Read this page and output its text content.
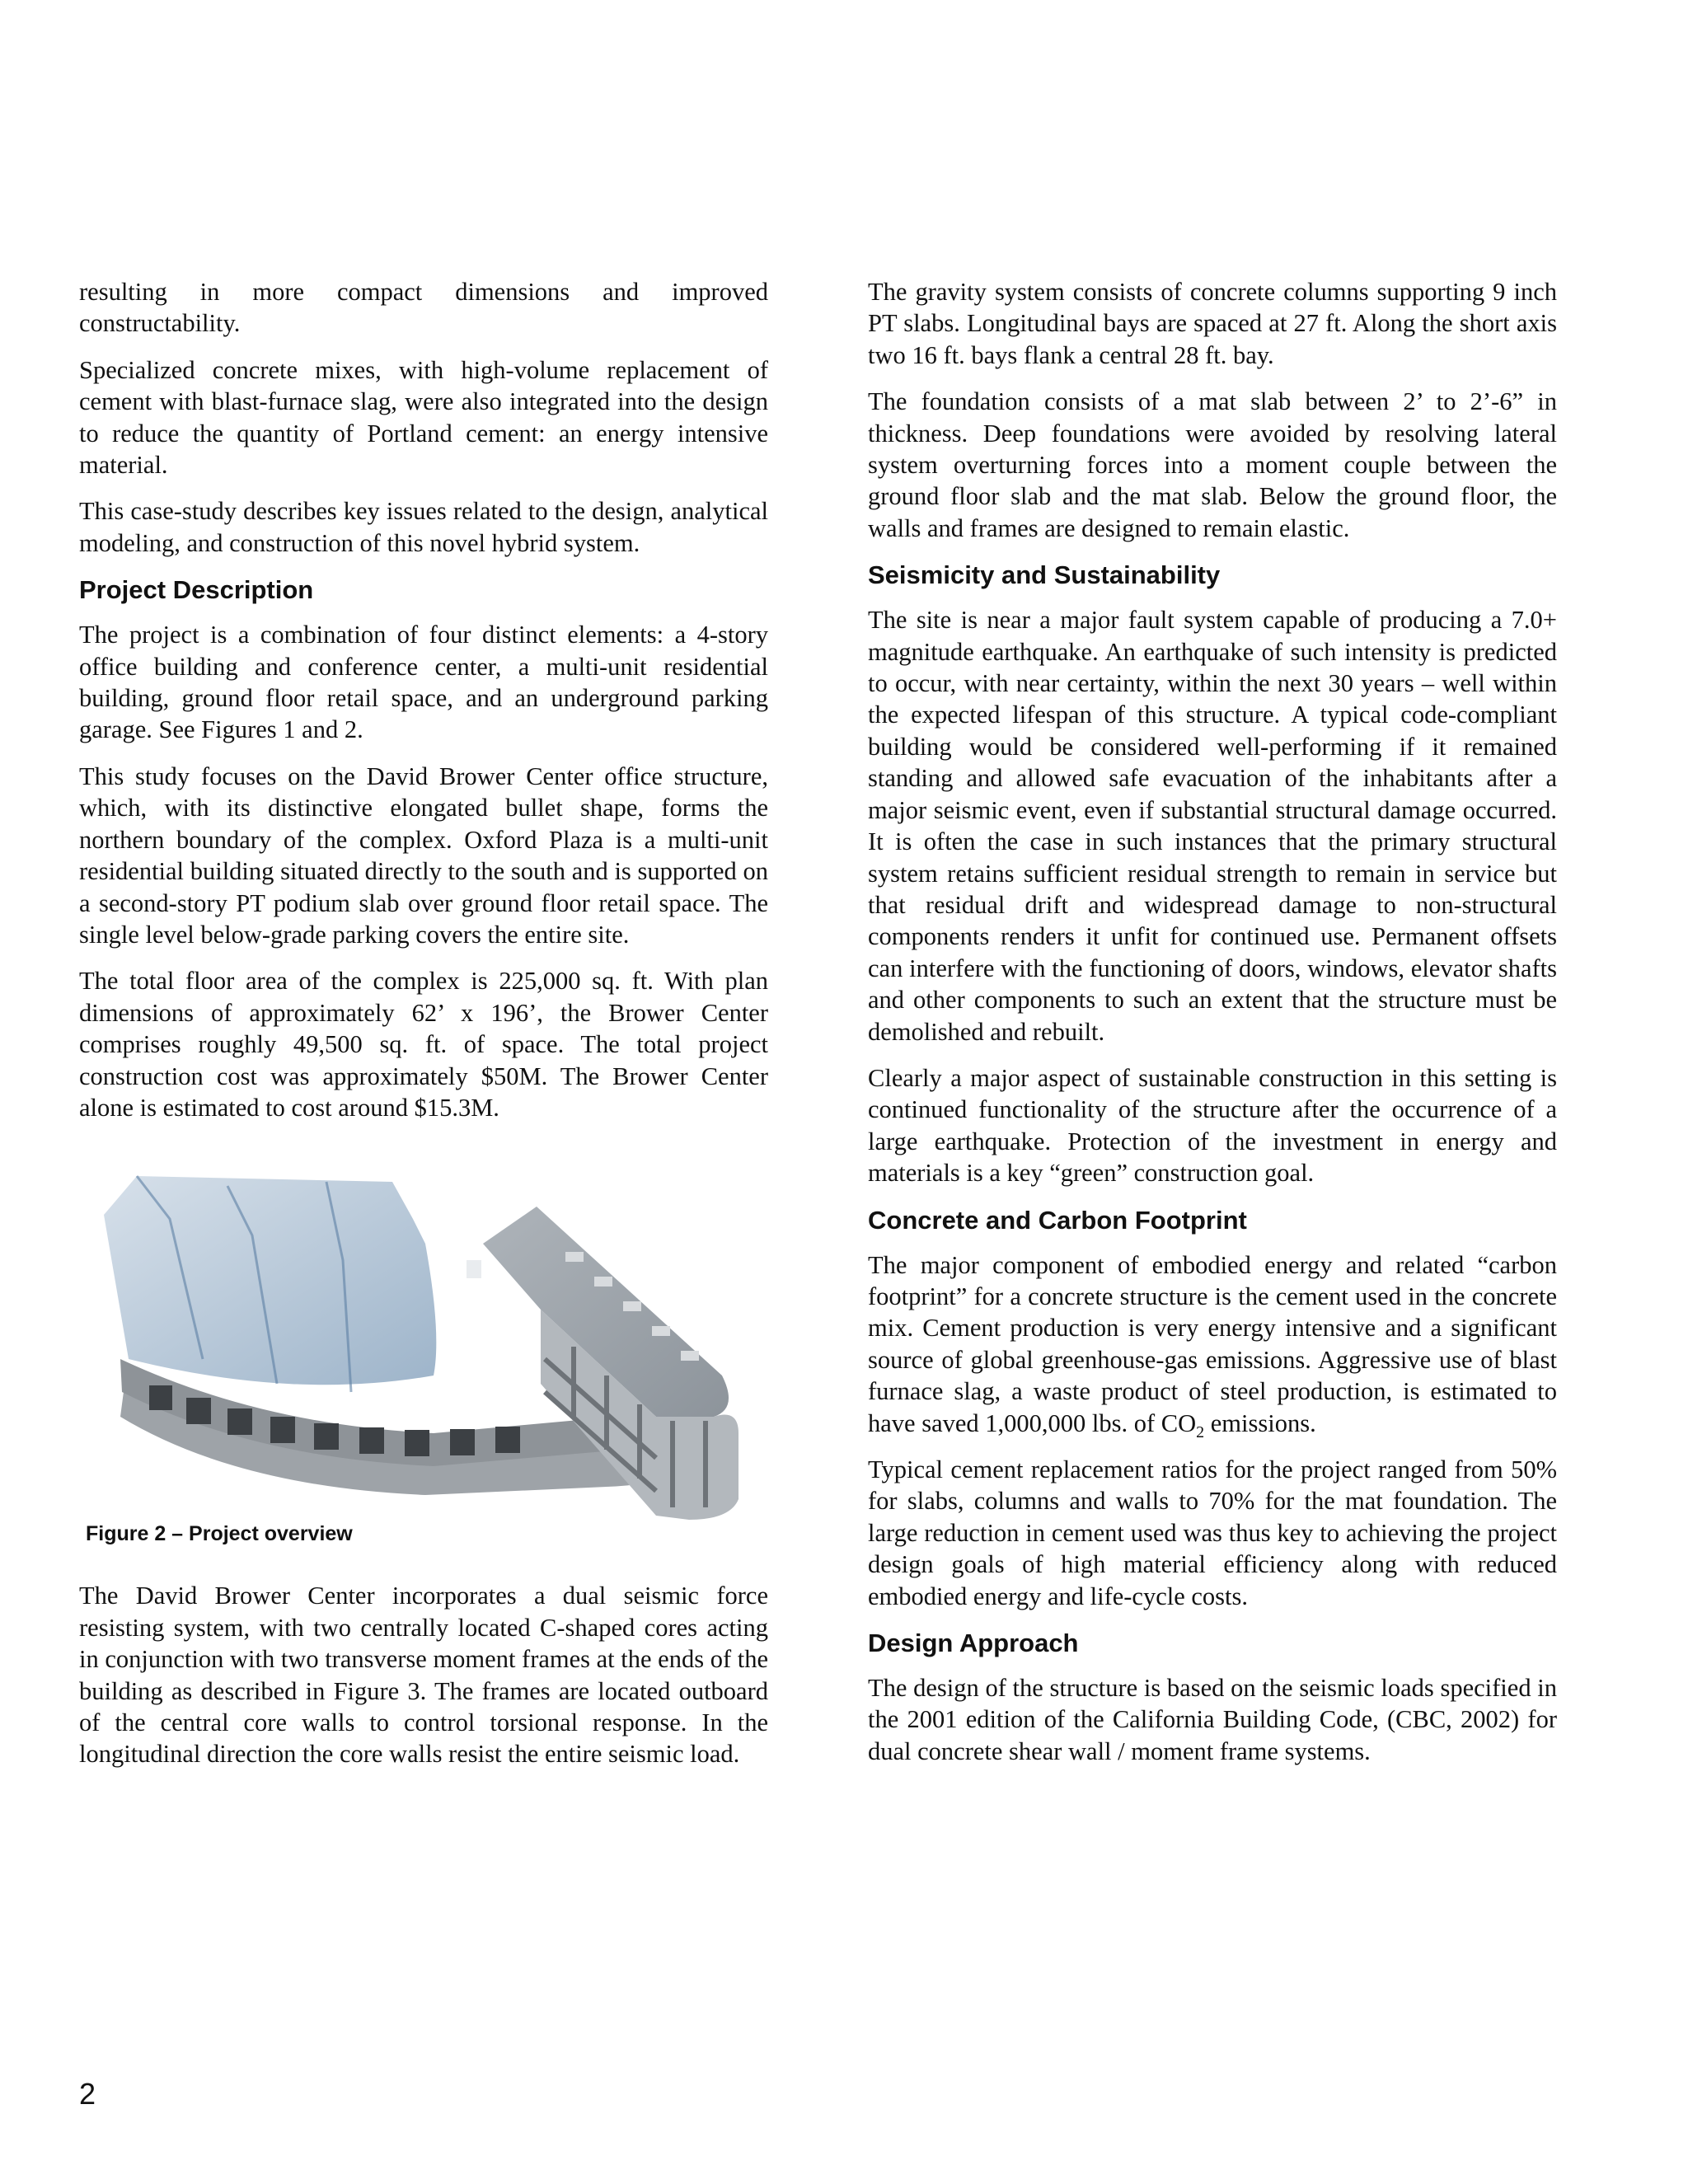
resulting in more compact dimensions and improved constructability.

Specialized concrete mixes, with high-volume replacement of cement with blast-furnace slag, were also integrated into the design to reduce the quantity of Portland cement: an energy intensive material.

This case-study describes key issues related to the design, analytical modeling, and construction of this novel hybrid system.

Project Description

The project is a combination of four distinct elements: a 4-story office building and conference center, a multi-unit residential building, ground floor retail space, and an underground parking garage. See Figures 1 and 2.

This study focuses on the David Brower Center office structure, which, with its distinctive elongated bullet shape, forms the northern boundary of the complex. Oxford Plaza is a multi-unit residential building situated directly to the south and is supported on a second-story PT podium slab over ground floor retail space. The single level below-grade parking covers the entire site.

The total floor area of the complex is 225,000 sq. ft. With plan dimensions of approximately 62’ x 196’, the Brower Center comprises roughly 49,500 sq. ft. of space. The total project construction cost was approximately $50M. The Brower Center alone is estimated to cost around $15.3M.

Figure 2 – Project overview

The David Brower Center incorporates a dual seismic force resisting system, with two centrally located C-shaped cores acting in conjunction with two transverse moment frames at the ends of the building as described in Figure 3. The frames are located outboard of the central core walls to control torsional response. In the longitudinal direction the core walls resist the entire seismic load.

The gravity system consists of concrete columns supporting 9 inch PT slabs. Longitudinal bays are spaced at 27 ft. Along the short axis two 16 ft. bays flank a central 28 ft. bay.

The foundation consists of a mat slab between 2’ to 2’-6” in thickness. Deep foundations were avoided by resolving lateral system overturning forces into a moment couple between the ground floor slab and the mat slab. Below the ground floor, the walls and frames are designed to remain elastic.

Seismicity and Sustainability

The site is near a major fault system capable of producing a 7.0+ magnitude earthquake. An earthquake of such intensity is predicted to occur, with near certainty, within the next 30 years – well within the expected lifespan of this structure. A typical code-compliant building would be considered well-performing if it remained standing and allowed safe evacuation of the inhabitants after a major seismic event, even if substantial structural damage occurred. It is often the case in such instances that the primary structural system retains sufficient residual strength to remain in service but that residual drift and widespread damage to non-structural components renders it unfit for continued use. Permanent offsets can interfere with the functioning of doors, windows, elevator shafts and other components to such an extent that the structure must be demolished and rebuilt.

Clearly a major aspect of sustainable construction in this setting is continued functionality of the structure after the occurrence of a large earthquake. Protection of the investment in energy and materials is a key “green” construction goal.

Concrete and Carbon Footprint

The major component of embodied energy and related “carbon footprint” for a concrete structure is the cement used in the concrete mix. Cement production is very energy intensive and a significant source of global greenhouse-gas emissions. Aggressive use of blast furnace slag, a waste product of steel production, is estimated to have saved 1,000,000 lbs. of $CO_2$ emissions.

Typical cement replacement ratios for the project ranged from 50% for slabs, columns and walls to 70% for the mat foundation. The large reduction in cement used was thus key to achieving the project design goals of high material efficiency along with reduced embodied energy and life-cycle costs.

Design Approach

The design of the structure is based on the seismic loads specified in the 2001 edition of the California Building Code, (CBC, 2002) for dual concrete shear wall / moment frame systems.

2
